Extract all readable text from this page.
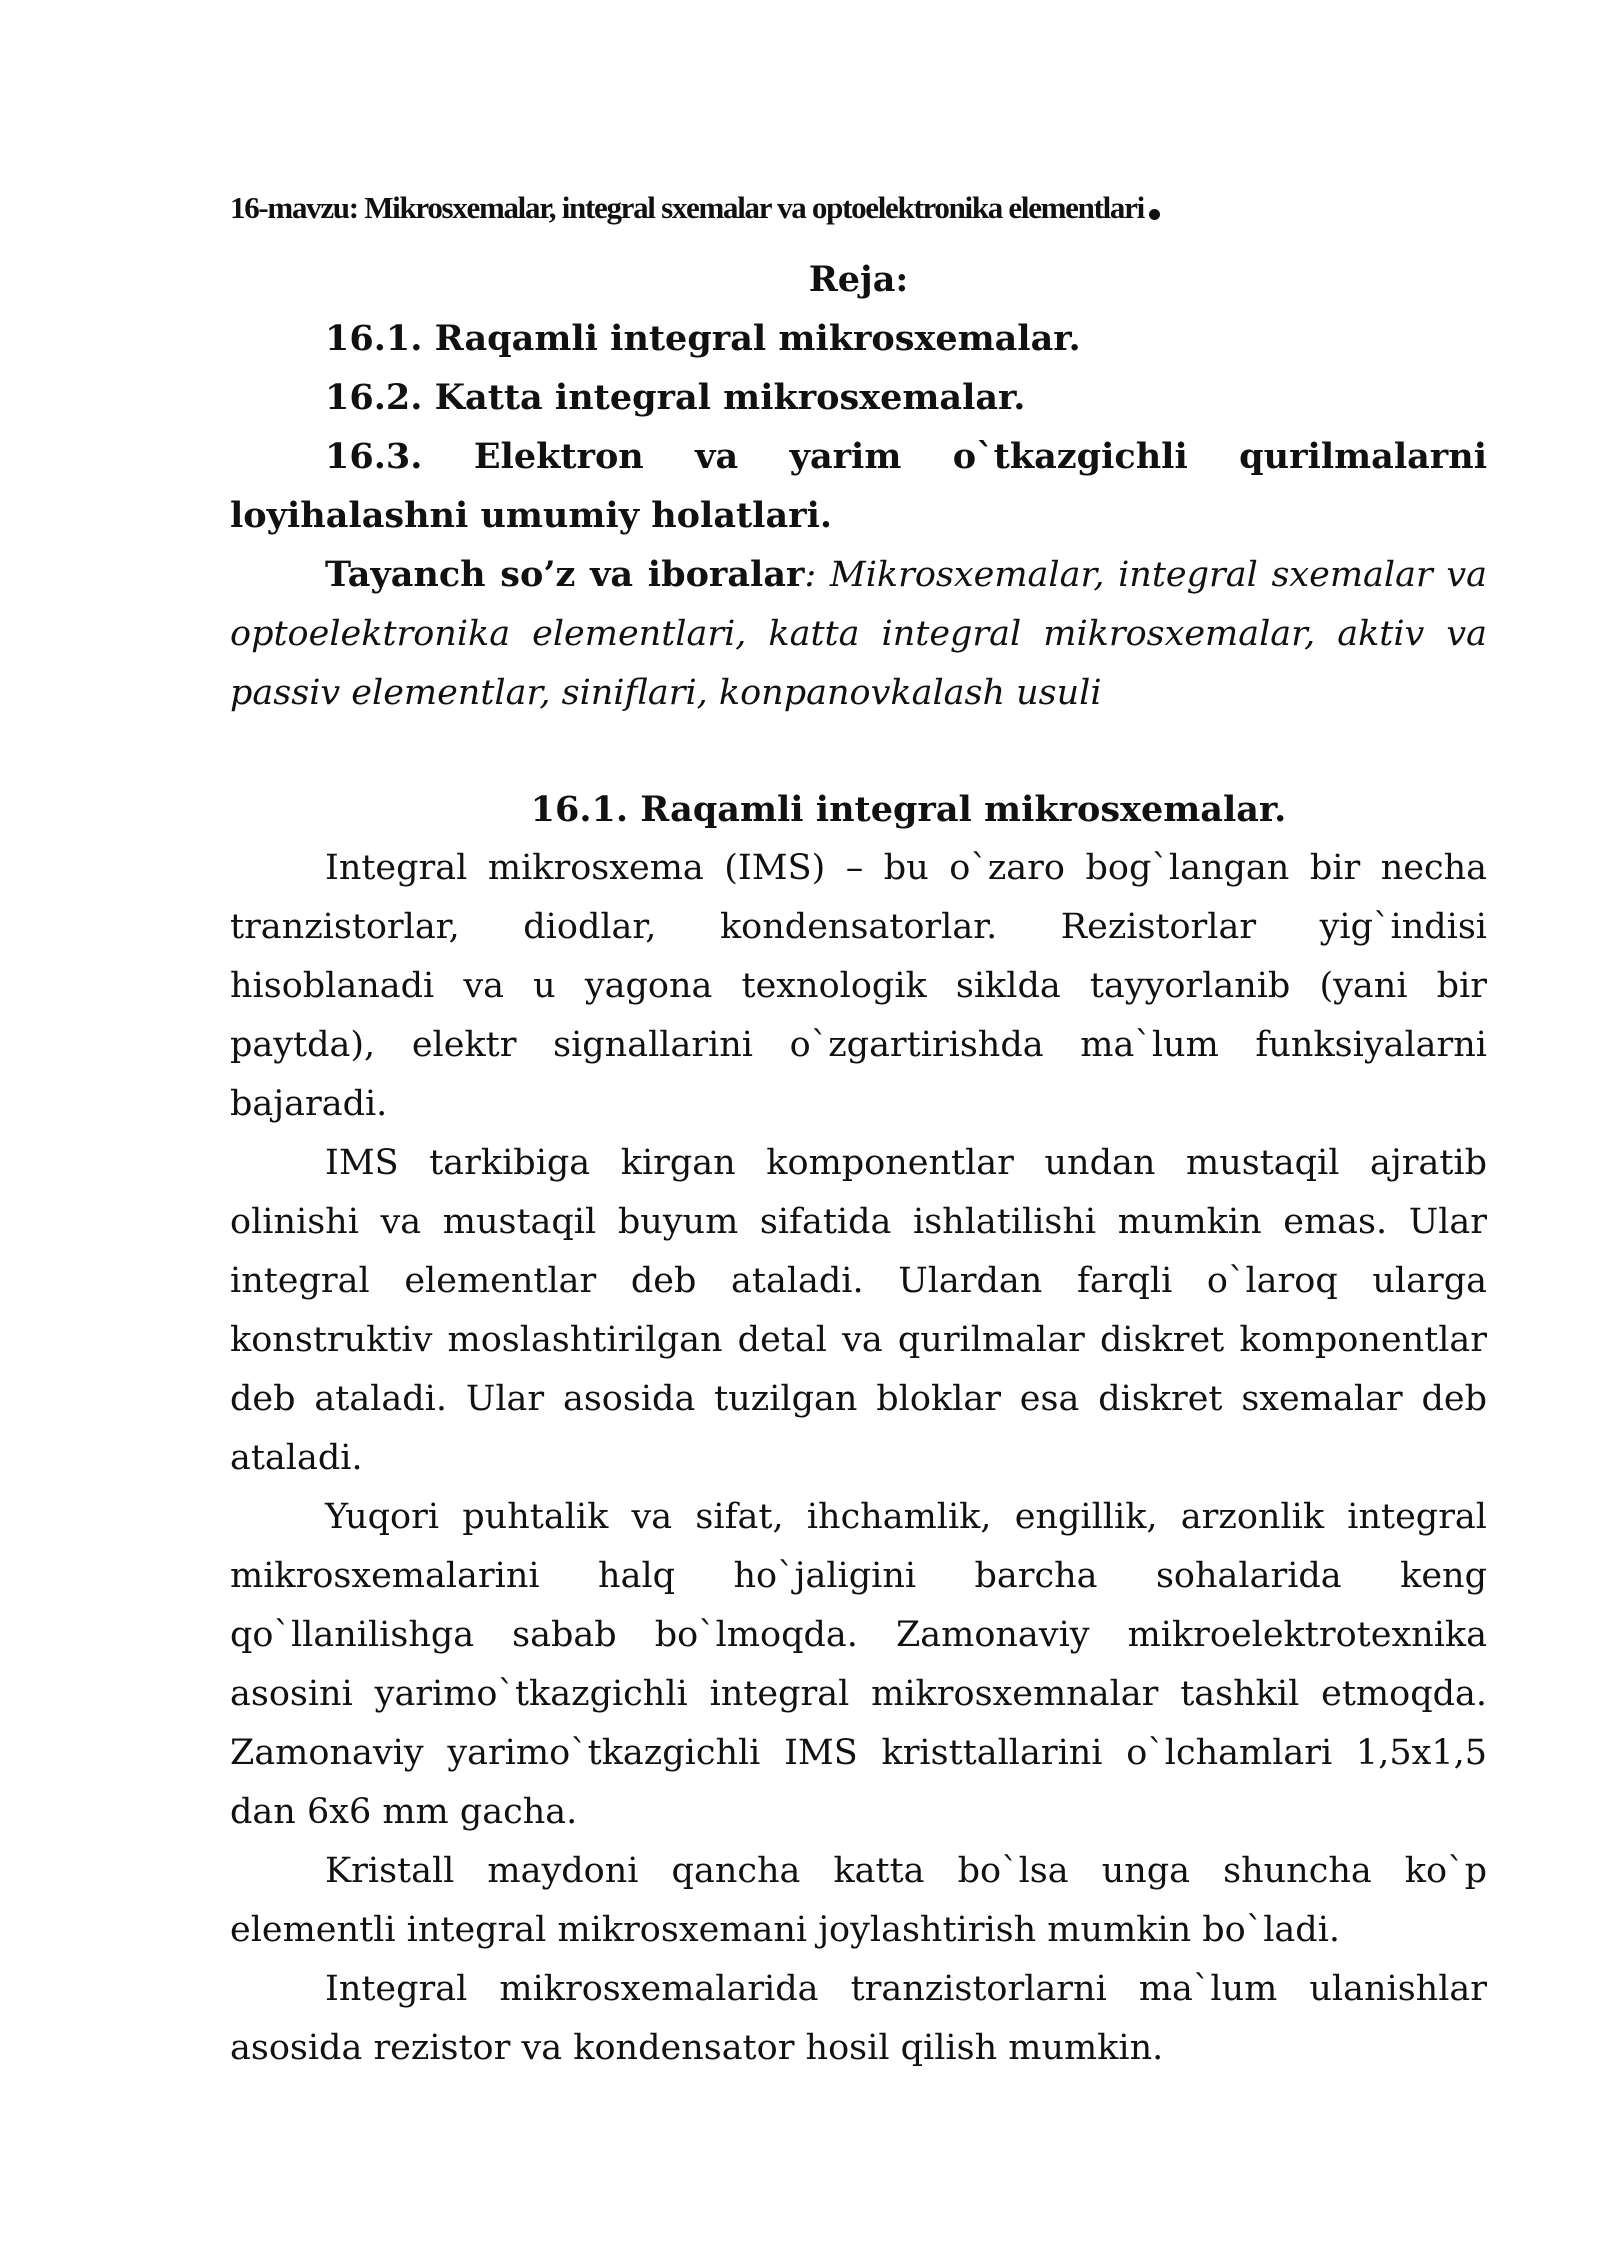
16-mavzu: Mikrosxemalar, integral sxemalar va optoelektronika elementlari
Reja:
16.1. Raqamli integral mikrosxemalar.
16.2. Katta integral mikrosxemalar.
16.3. Elektron va yarim o`tkazgichli qurilmalarni loyihalashni umumiy holatlari.
Tayanch so’z va iboralar: Mikrosxemalar, integral sxemalar va optoelektronika elementlari, katta integral mikrosxemalar, aktiv va passiv elementlar, siniflari, konpanovkalash usuli
16.1. Raqamli integral mikrosxemalar.

Integral mikrosxema (IMS) – bu o`zaro bog`langan bir necha tranzistorlar, diodlar, kondensatorlar. Rezistorlar yig`indisi hisoblanadi va u yagona texnologik siklda tayyorlanib (yani bir paytda), elektr signallarini o`zgartirishda ma`lum funksiyalarni bajaradi.

IMS tarkibiga kirgan komponentlar undan mustaqil ajratib olinishi va mustaqil buyum sifatida ishlatilishi mumkin emas. Ular integral elementlar deb ataladi. Ulardan farqli o`laroq ularga konstruktiv moslashtirilgan detal va qurilmalar diskret komponentlar deb ataladi. Ular asosida tuzilgan bloklar esa diskret sxemalar deb ataladi.

Yuqori puhtalik va sifat, ihchamlik, engillik, arzonlik integral mikrosxemalarini halq ho`jaligini barcha sohalarida keng qo`llanilishga sabab bo`lmoqda. Zamonaviy mikroelektrotexnika asosini yarimo`tkazgichli integral mikrosxemnalar tashkil etmoqda. Zamonaviy yarimo`tkazgichli IMS kristtallarini o`lchamlari 1,5x1,5 dan 6x6 mm gacha.

Kristall maydoni qancha katta bo`lsa unga shuncha ko`p elementli integral mikrosxemani joylashtirish mumkin bo`ladi.

Integral mikrosxemalarida tranzistorlarni ma`lum ulanishlar asosida rezistor va kondensator hosil qilish mumkin.
